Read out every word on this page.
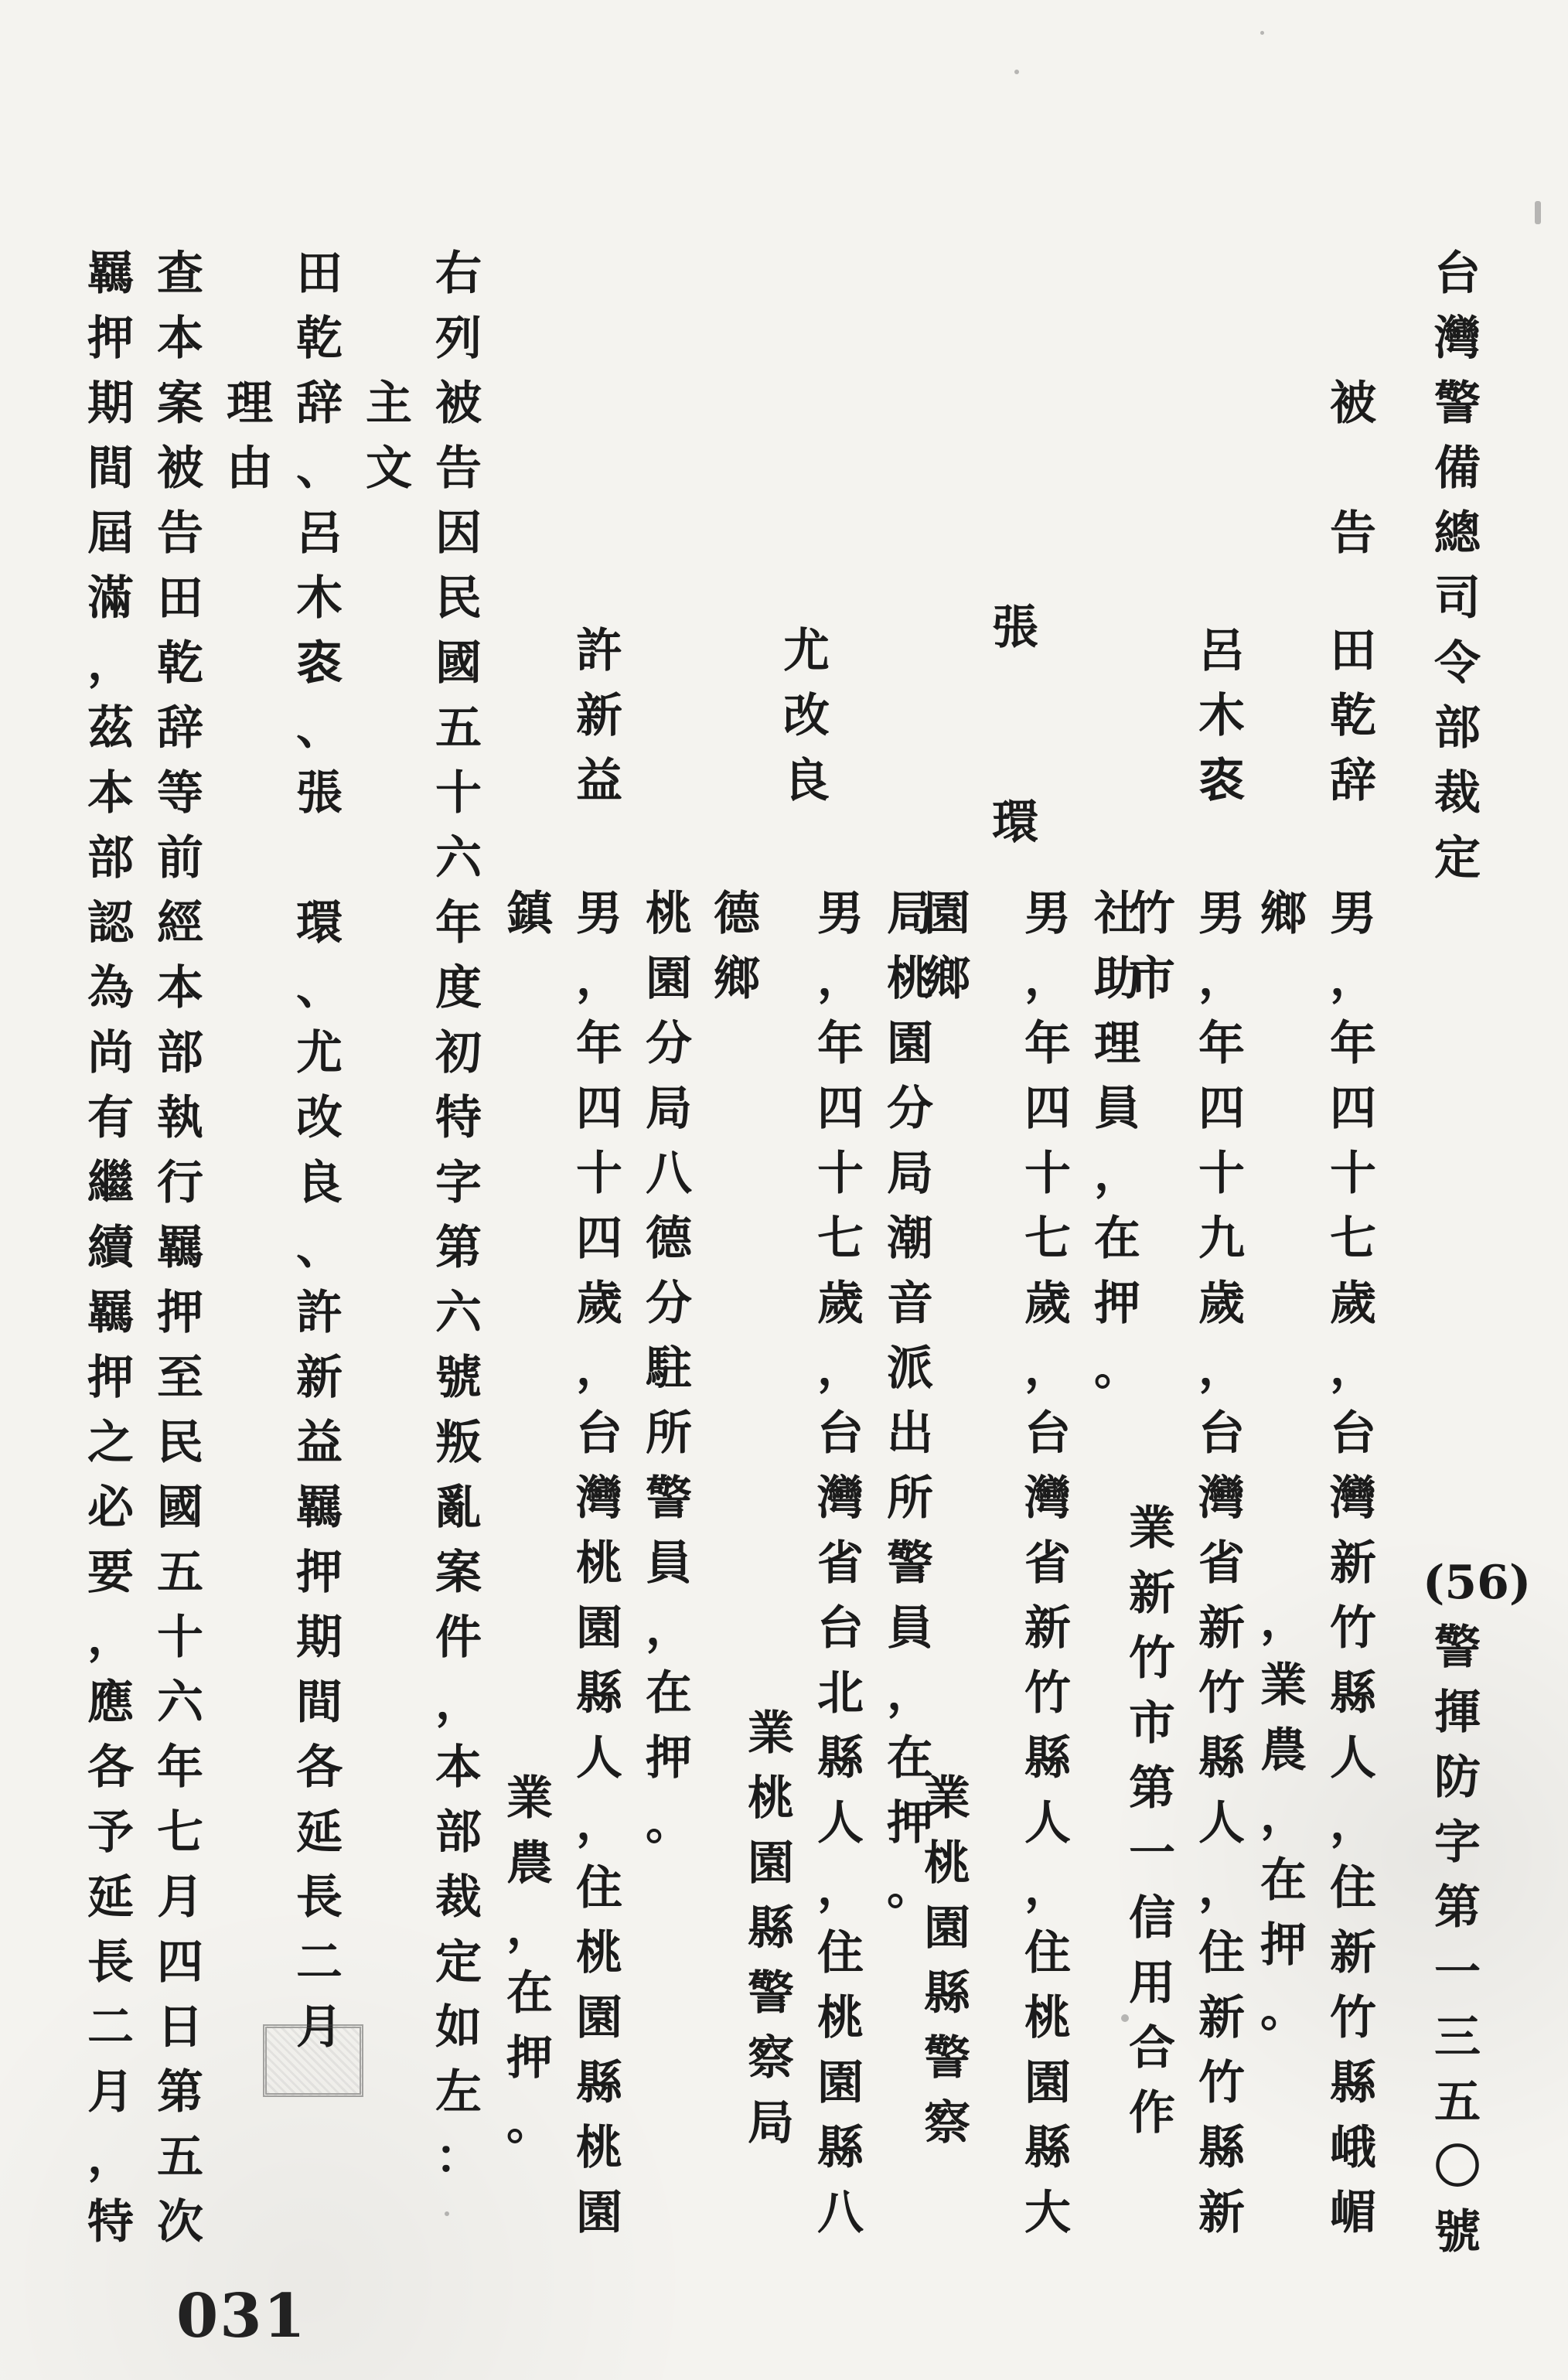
台
灣
警
備
總
司
令
部
裁
定
(56)
警
揮
防
字
第
一
三
五
〇
號
被
告
田
乾
辞
男
，
年
四
十
七
歲
，
台
灣
新
竹
縣
人
，
住
新
竹
縣
峨
嵋
鄉
呂
木
𤇯
男
，
年
四
十
九
歲
，
台
灣
省
新
竹
縣
人
，
住
新
竹
縣
新
，
業
農
，
在
押
。
竹
市
張
環
男
，
年
四
十
七
歲
，
台
灣
省
新
竹
縣
人
，
住
桃
園
縣
大
業
新
竹
市
第
一
信
用
合
作
社
助
理
員
，
在
押
。
園
鄉
業
桃
園
縣
警
察
尤
改
良
男
，
年
四
十
七
歲
，
台
灣
省
台
北
縣
人
，
住
桃
園
縣
八
局
桃
園
分
局
潮
音
派
出
所
警
員
，
在
押
。
業
桃
園
縣
警
察
局
德
鄉
許
新
益
男
，
年
四
十
四
歲
，
台
灣
桃
園
縣
人
，
住
桃
園
縣
桃
園
桃
園
分
局
八
德
分
駐
所
警
員
，
在
押
。
業
農
，
在
押
。
鎮
右
列
被
告
因
民
國
五
十
六
年
度
初
特
字
第
六
號
叛
亂
案
件
，
本
部
裁
定
如
左
：
主
文
田
乾
辞
、
呂
木
𤇯
、
張
環
、
尤
改
良
、
許
新
益
羈
押
期
間
各
延
長
二
月
理
由
查
本
案
被
告
田
乾
辞
等
前
經
本
部
執
行
羈
押
至
民
國
五
十
六
年
七
月
四
日
第
五
次
羈
押
期
間
屆
滿
，
茲
本
部
認
為
尚
有
繼
續
羈
押
之
必
要
，
應
各
予
延
長
二
月
，
特
031
